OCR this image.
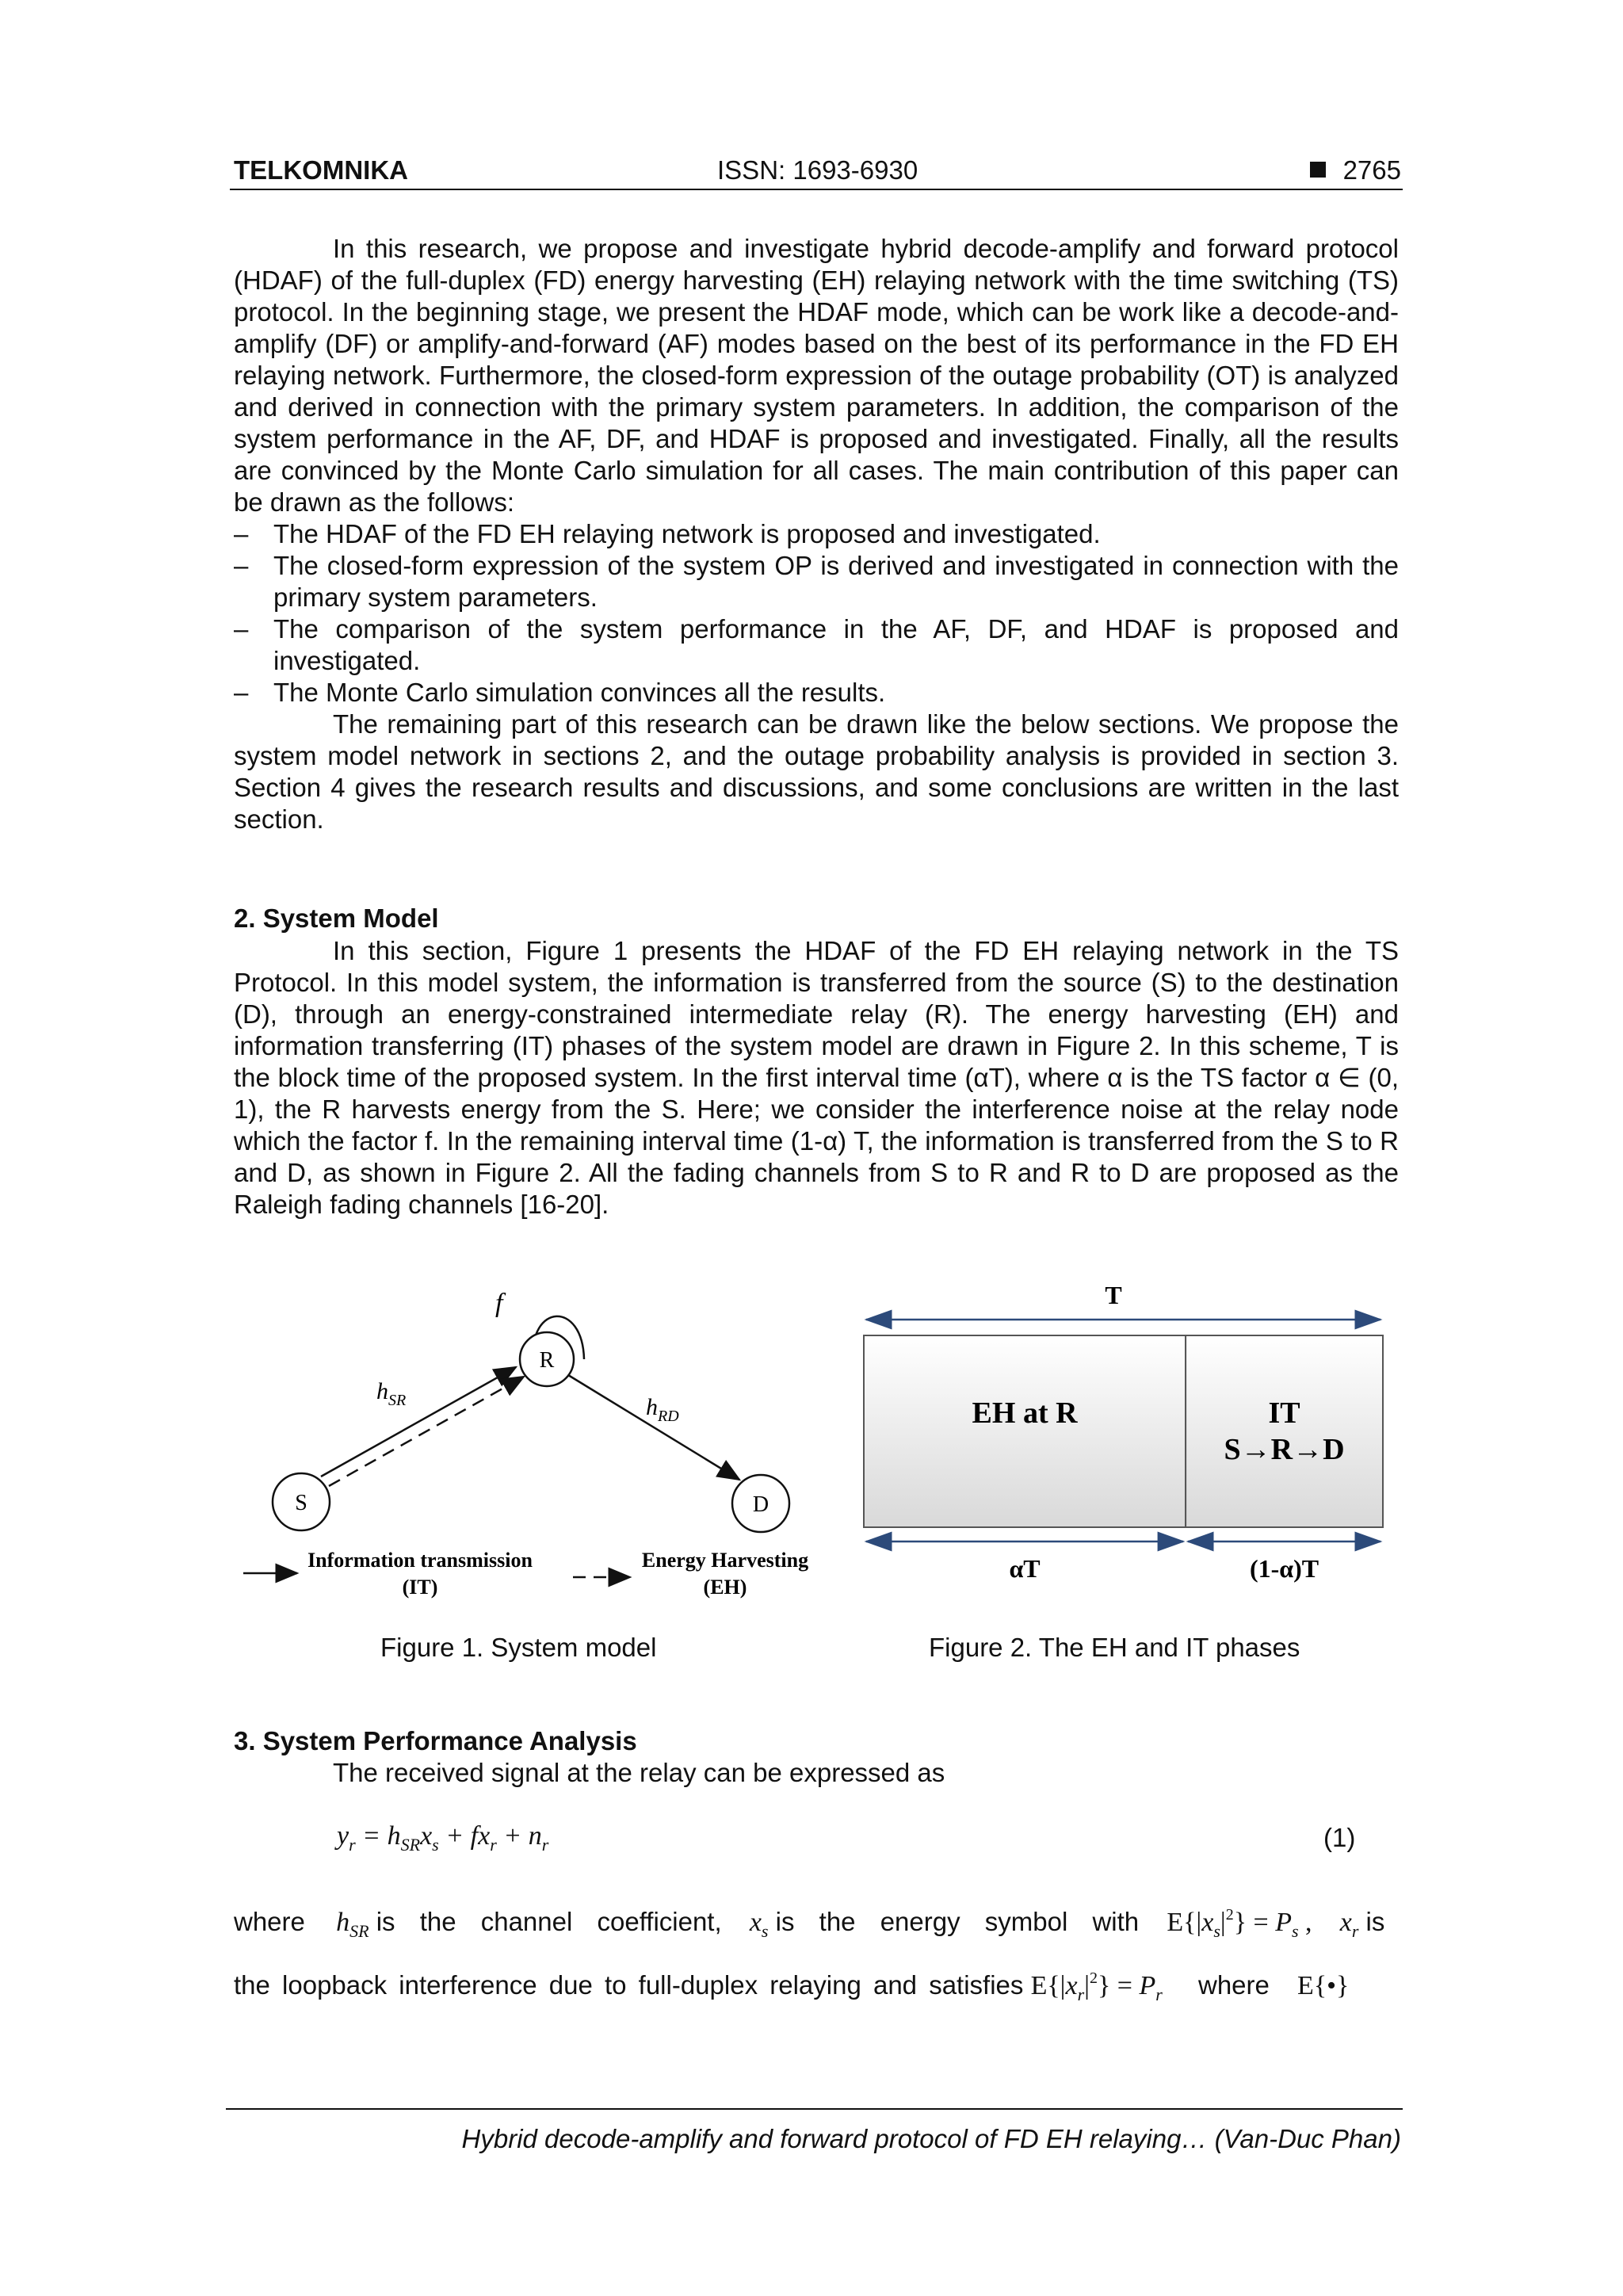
TELKOMNIKA	ISSN: 1693-6930	2765

In this research, we propose and investigate hybrid decode-amplify and forward protocol (HDAF) of the full-duplex (FD) energy harvesting (EH) relaying network with the time switching (TS) protocol. In the beginning stage, we present the HDAF mode, which can be work like a decode-and-amplify (DF) or amplify-and-forward (AF) modes based on the best of its performance in the FD EH relaying network. Furthermore, the closed-form expression of the outage probability (OT) is analyzed and derived in connection with the primary system parameters. In addition, the comparison of the system performance in the AF, DF, and HDAF is proposed and investigated. Finally, all the results are convinced by the Monte Carlo simulation for all cases. The main contribution of this paper can be drawn as the follows:

– The HDAF of the FD EH relaying network is proposed and investigated.
– The closed-form expression of the system OP is derived and investigated in connection with the primary system parameters.
– The comparison of the system performance in the AF, DF, and HDAF is proposed and investigated.
– The Monte Carlo simulation convinces all the results.

The remaining part of this research can be drawn like the below sections. We propose the system model network in sections 2, and the outage probability analysis is provided in section 3. Section 4 gives the research results and discussions, and some conclusions are written in the last section.

2. System Model

In this section, Figure 1 presents the HDAF of the FD EH relaying network in the TS Protocol. In this model system, the information is transferred from the source (S) to the destination (D), through an energy-constrained intermediate relay (R). The energy harvesting (EH) and information transferring (IT) phases of the system model are drawn in Figure 2. In this scheme, T is the block time of the proposed system. In the first interval time (αT), where α is the TS factor α ∈ (0, 1), the R harvests energy from the S. Here; we consider the interference noise at the relay node which the factor f. In the remaining interval time (1-α) T, the information is transferred from the S to R and D, as shown in Figure 2. All the fading channels from S to R and R to D are proposed as the Raleigh fading channels [16-20].

f
R
S	D
$h_{SR}$	$h_{RD}$
Information transmission
(IT)
Energy Harvesting
(EH)
Figure 1. System model
T
EH at R	IT
S→R→D
αT	(1-α)T
Figure 2. The EH and IT phases
3. System Performance Analysis
The received signal at the relay can be expressed as
$y_r = h_{SR}x_s + fx_r + n_r$	(1)
where $h_{SR}$ is the channel coefficient, $x_s$ is the energy symbol with $E\{|x_s|^2\} = P_s$ , $x_r$ is
the loopback interference due to full-duplex relaying and satisfies $E\{|x_r|^2\} = P_r$ where E{•}
Hybrid decode-amplify and forward protocol of FD EH relaying… (Van-Duc Phan)
